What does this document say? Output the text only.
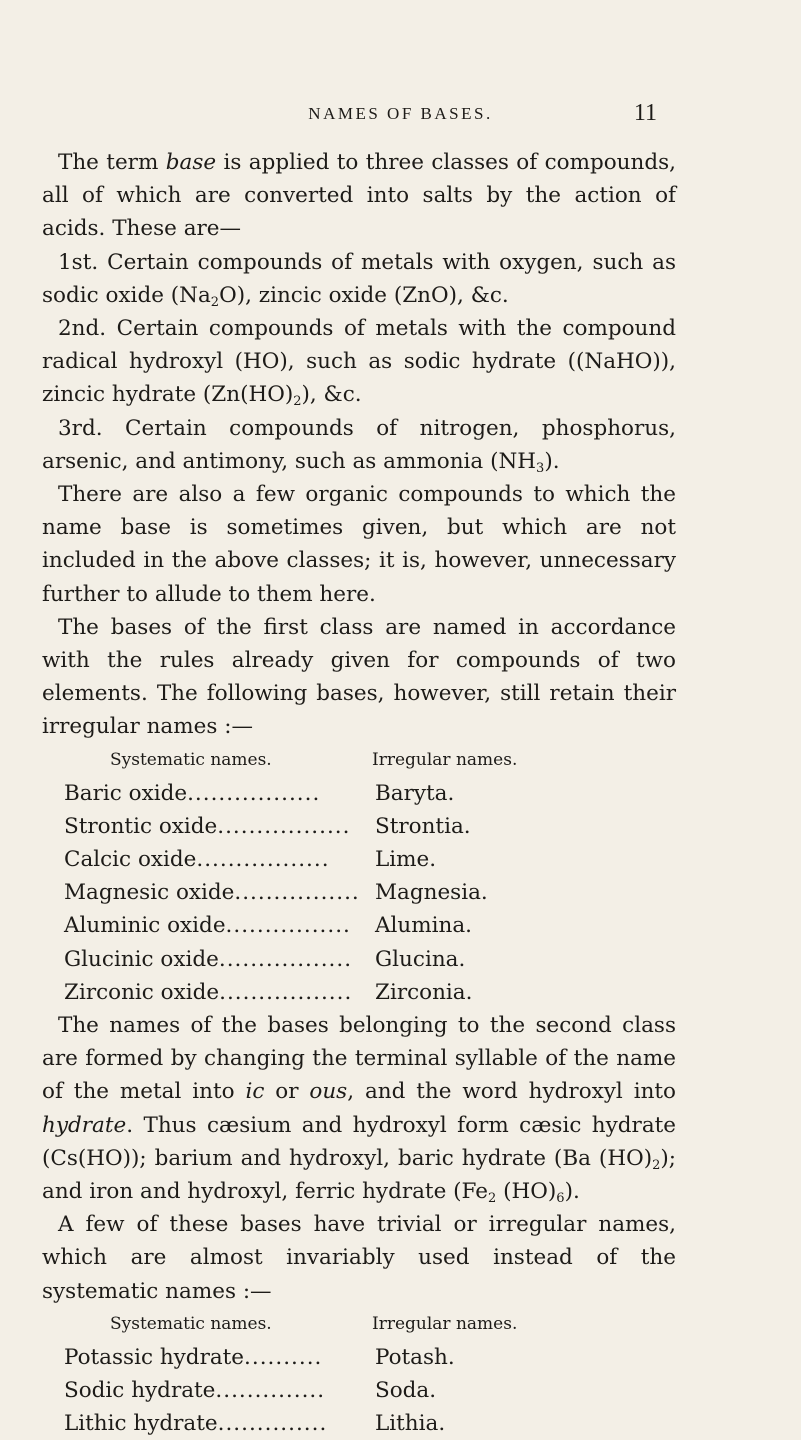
NAMES OF BASES.	11

The term base is applied to three classes of compounds, all of which are converted into salts by the action of acids. These are—

1st. Certain compounds of metals with oxygen, such as sodic oxide $(Na_2O)$, zincic oxide (ZnO), &c.

2nd. Certain compounds of metals with the compound radical hydroxyl (HO), such as sodic hydrate ((NaHO)), zincic hydrate $(Zn(HO)_2)$, &c.

3rd. Certain compounds of nitrogen, phosphorus, arsenic, and antimony, such as ammonia $(NH_3)$.

There are also a few organic compounds to which the name base is sometimes given, but which are not included in the above classes; it is, however, unnecessary further to allude to them here.

The bases of the first class are named in accordance with the rules already given for compounds of two elements. The following bases, however, still retain their irregular names :—

Systematic names.	Irregular names.
Baric oxide .................	Baryta.
Strontic oxide ................. Strontia.
Calcic oxide ................. Lime.
Magnesic oxide ................ Magnesia.
Aluminic oxide ................ Alumina.
Glucinic oxide ................. Glucina.
Zirconic oxide ................. Zirconia.

The names of the bases belonging to the second class are formed by changing the terminal syllable of the name of the metal into ic or ous, and the word hydroxyl into hydrate. Thus cæsium and hydroxyl form cæsic hydrate (Cs(HO)); barium and hydroxyl, baric hydrate (Ba $(HO)_2$); and iron and hydroxyl, ferric hydrate ($Fe_2$ $(HO)_6$).

A few of these bases have trivial or irregular names, which are almost invariably used instead of the systematic names :—

Systematic names.	Irregular names.
Potassic hydrate .......... Potash.
Sodic hydrate .............. Soda.
Lithic hydrate .............. Lithia.
